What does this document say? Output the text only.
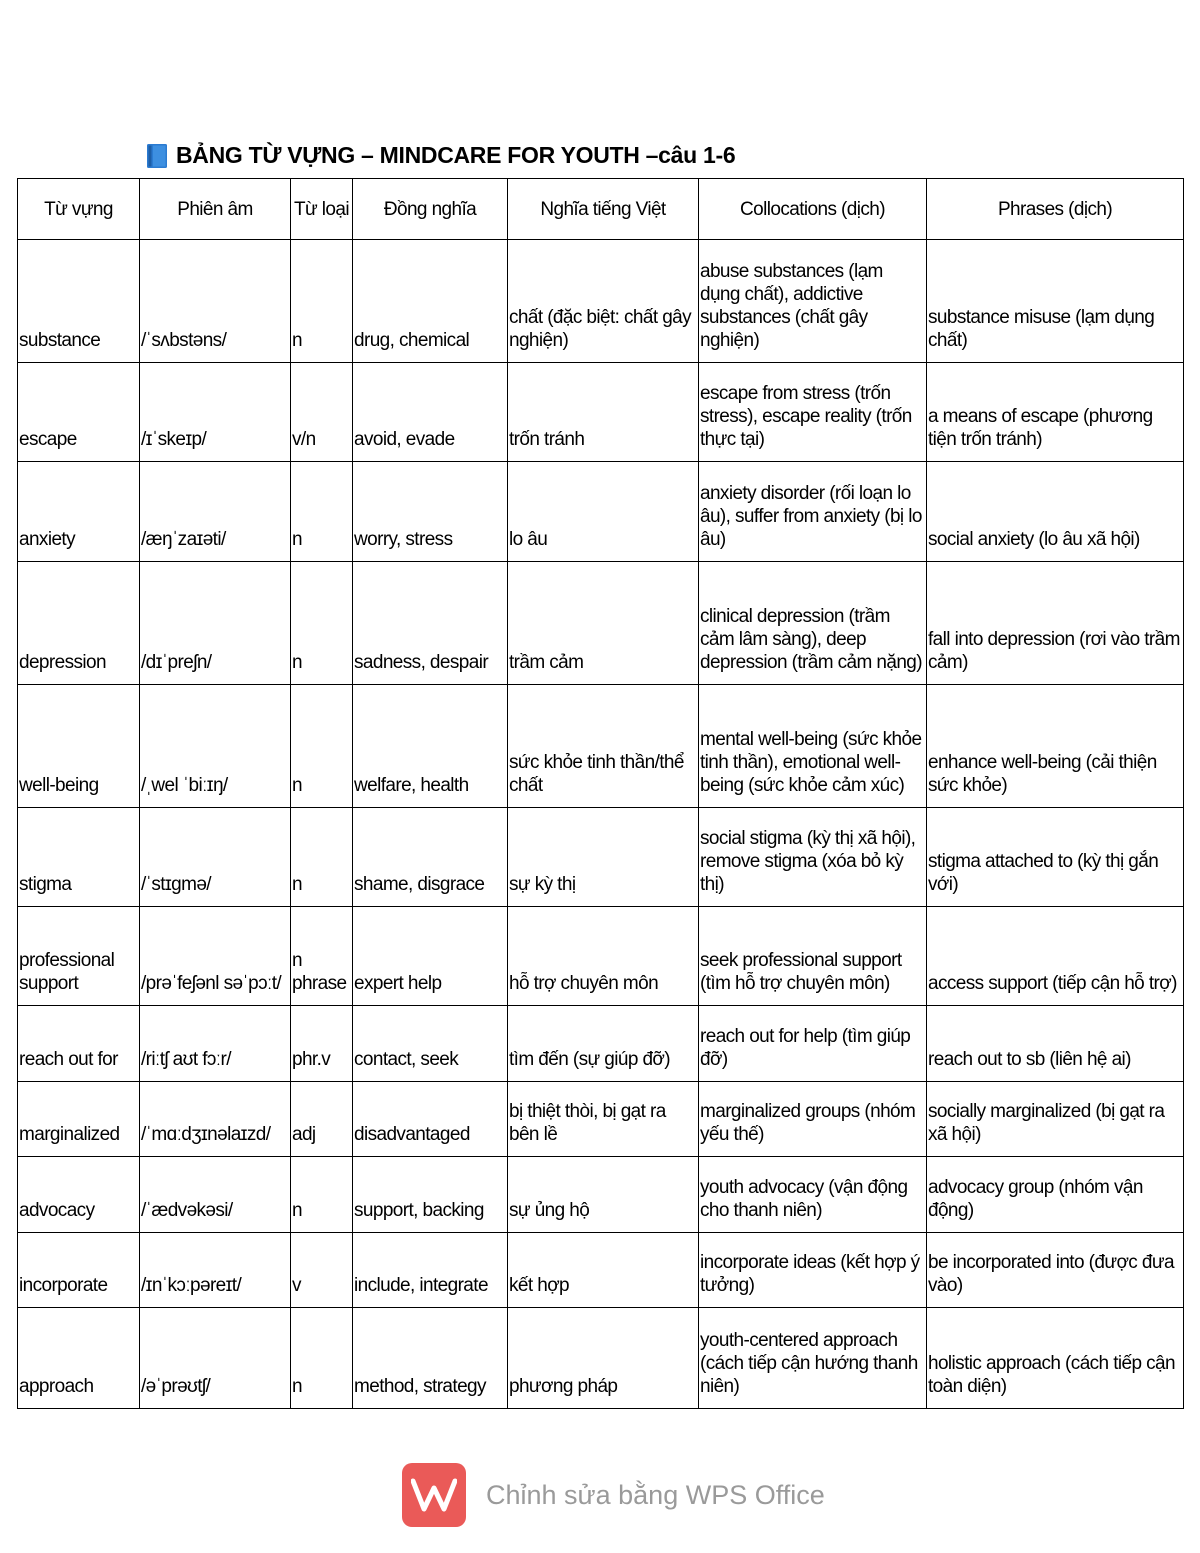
BẢNG TỪ VỰNG – MINDCARE FOR YOUTH –câu 1-6
Từ vựng	Phiên âm	Từ loại	Đồng nghĩa	Nghĩa tiếng Việt	Collocations (dịch)	Phrases (dịch)
substance	/ˈsʌbstəns/	n	drug, chemical	chất (đặc biệt: chất gây nghiện)	abuse substances (lạm dụng chất), addictive substances (chất gây nghiện)	substance misuse (lạm dụng chất)
escape	/ɪˈskeɪp/	v/n	avoid, evade	trốn tránh	escape from stress (trốn stress), escape reality (trốn thực tại)	a means of escape (phương tiện trốn tránh)
anxiety	/æŋˈzaɪəti/	n	worry, stress	lo âu	anxiety disorder (rối loạn lo âu), suffer from anxiety (bị lo âu)	social anxiety (lo âu xã hội)
depression	/dɪˈpreʃn/	n	sadness, despair	trầm cảm	clinical depression (trầm cảm lâm sàng), deep depression (trầm cảm nặng)	fall into depression (rơi vào trầm cảm)
well-being	/ˌwel ˈbiːɪŋ/	n	welfare, health	sức khỏe tinh thần/thể chất	mental well-being (sức khỏe tinh thần), emotional well-being (sức khỏe cảm xúc)	enhance well-being (cải thiện sức khỏe)
stigma	/ˈstɪgmə/	n	shame, disgrace	sự kỳ thị	social stigma (kỳ thị xã hội), remove stigma (xóa bỏ kỳ thị)	stigma attached to (kỳ thị gắn với)
professional support	/prəˈfeʃənl səˈpɔːt/	n phrase	expert help	hỗ trợ chuyên môn	seek professional support (tìm hỗ trợ chuyên môn)	access support (tiếp cận hỗ trợ)
reach out for	/riːtʃ aʊt fɔːr/	phr.v	contact, seek	tìm đến (sự giúp đỡ)	reach out for help (tìm giúp đỡ)	reach out to sb (liên hệ ai)
marginalized	/ˈmɑːdʒɪnəlaɪzd/	adj	disadvantaged	bị thiệt thòi, bị gạt ra bên lề	marginalized groups (nhóm yếu thế)	socially marginalized (bị gạt ra xã hội)
advocacy	/ˈædvəkəsi/	n	support, backing	sự ủng hộ	youth advocacy (vận động cho thanh niên)	advocacy group (nhóm vận động)
incorporate	/ɪnˈkɔːpəreɪt/	v	include, integrate	kết hợp	incorporate ideas (kết hợp ý tưởng)	be incorporated into (được đưa vào)
approach	/əˈprəʊtʃ/	n	method, strategy	phương pháp	youth-centered approach (cách tiếp cận hướng thanh niên)	holistic approach (cách tiếp cận toàn diện)
Chỉnh sửa bằng WPS Office
